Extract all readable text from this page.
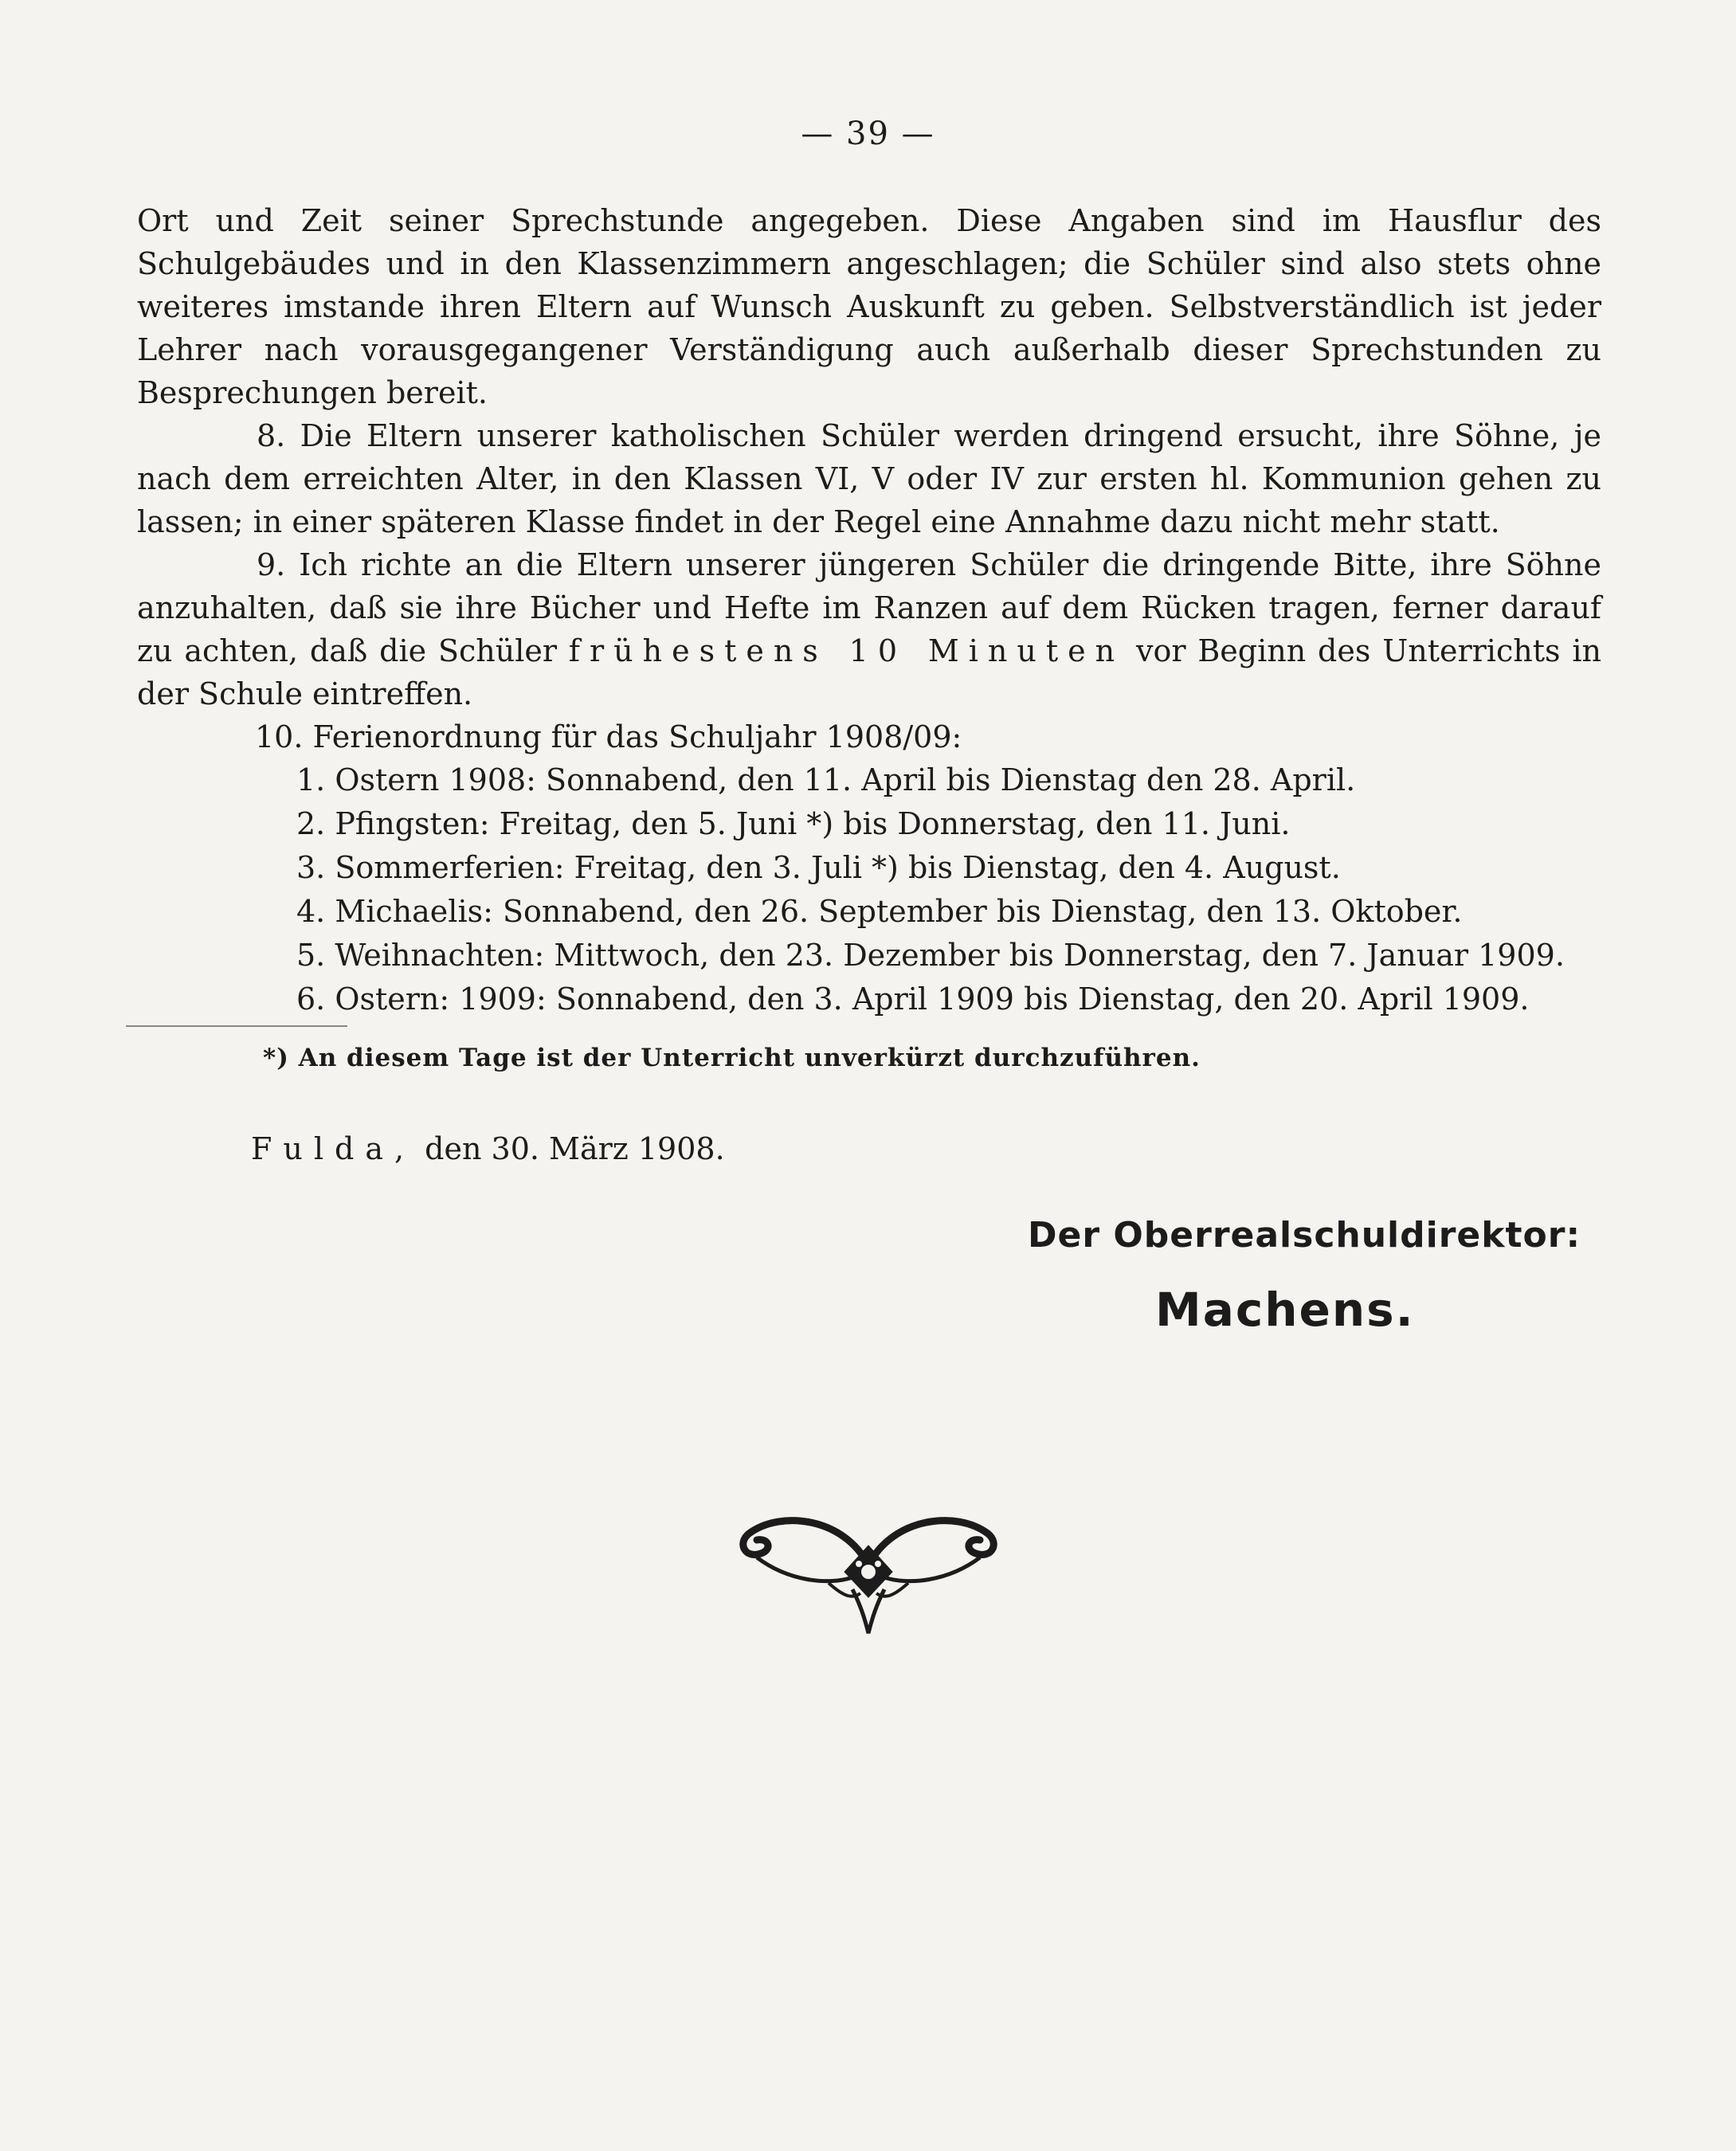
— 39 —

Ort und Zeit seiner Sprechstunde angegeben. Diese Angaben sind im Hausflur des Schulgebäudes und in den Klassenzimmern angeschlagen; die Schüler sind also stets ohne weiteres imstande ihren Eltern auf Wunsch Auskunft zu geben. Selbstverständlich ist jeder Lehrer nach vorausgegangener Verständigung auch außerhalb dieser Sprechstunden zu Besprechungen bereit.

8. Die Eltern unserer katholischen Schüler werden dringend ersucht, ihre Söhne, je nach dem erreichten Alter, in den Klassen VI, V oder IV zur ersten hl. Kommunion gehen zu lassen; in einer späteren Klasse findet in der Regel eine Annahme dazu nicht mehr statt.

9. Ich richte an die Eltern unserer jüngeren Schüler die dringende Bitte, ihre Söhne anzuhalten, daß sie ihre Bücher und Hefte im Ranzen auf dem Rücken tragen, ferner darauf zu achten, daß die Schüler frühestens 10 Minuten vor Beginn des Unterrichts in der Schule eintreffen.

10. Ferienordnung für das Schuljahr 1908/09:

1. Ostern 1908: Sonnabend, den 11. April bis Dienstag den 28. April.
2. Pfingsten: Freitag, den 5. Juni *) bis Donnerstag, den 11. Juni.
3. Sommerferien: Freitag, den 3. Juli *) bis Dienstag, den 4. August.
4. Michaelis: Sonnabend, den 26. September bis Dienstag, den 13. Oktober.
5. Weihnachten: Mittwoch, den 23. Dezember bis Donnerstag, den 7. Januar 1909.
6. Ostern: 1909: Sonnabend, den 3. April 1909 bis Dienstag, den 20. April 1909.
*) An diesem Tage ist der Unterricht unverkürzt durchzuführen.
Fulda, den 30. März 1908.
Der Oberrealschuldirektor:
Machens.
